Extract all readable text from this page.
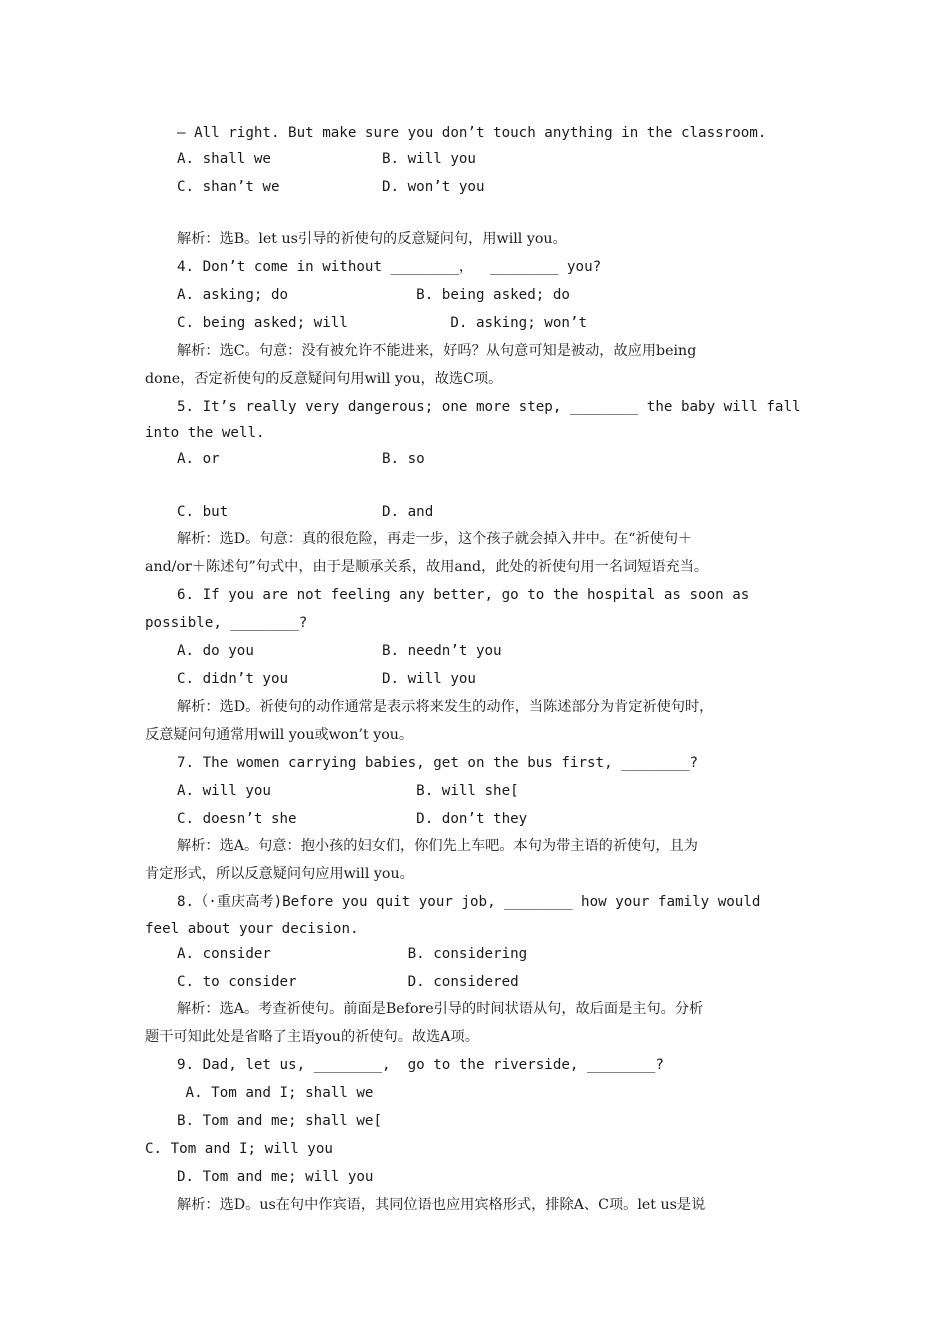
— All right. But make sure you don’t touch anything in the classroom.
A. shall we             B. will you
C. shan’t we            D. won’t you
解析：选B。let us引导的祈使句的反意疑问句，用will you。
4. Don’t come in without ________，  ________ you?
A. asking; do               B. being asked; do
C. being asked; will            D. asking; won’t
解析：选C。句意：没有被允许不能进来，好吗？从句意可知是被动，故应用being
done，否定祈使句的反意疑问句用will you，故选C项。
5. It’s really very dangerous; one more step, ________ the baby will fall
into the well.
A. or                   B. so
C. but                  D. and
解析：选D。句意：真的很危险，再走一步，这个孩子就会掉入井中。在“祈使句＋
and/or＋陈述句”句式中，由于是顺承关系，故用and，此处的祈使句用一名词短语充当。
6. If you are not feeling any better, go to the hospital as soon as
possible, ________?
A. do you               B. needn’t you
C. didn’t you           D. will you
解析：选D。祈使句的动作通常是表示将来发生的动作，当陈述部分为肯定祈使句时，
反意疑问句通常用will you或won’t you。
7. The women carrying babies, get on the bus first, ________?
A. will you                 B. will she[
C. doesn’t she              D. don’t they
解析：选A。句意：抱小孩的妇女们，你们先上车吧。本句为带主语的祈使句，且为
肯定形式，所以反意疑问句应用will you。
8.（·重庆高考)Before you quit your job, ________ how your family would
feel about your decision.
A. consider                B. considering
C. to consider             D. considered
解析：选A。考查祈使句。前面是Before引导的时间状语从句，故后面是主句。分析
题干可知此处是省略了主语you的祈使句。故选A项。
9. Dad, let us, ________,  go to the riverside, ________?
A. Tom and I; shall we
B. Tom and me; shall we[
C. Tom and I; will you
D. Tom and me; will you
解析：选D。us在句中作宾语，其同位语也应用宾格形式，排除A、C项。let us是说
